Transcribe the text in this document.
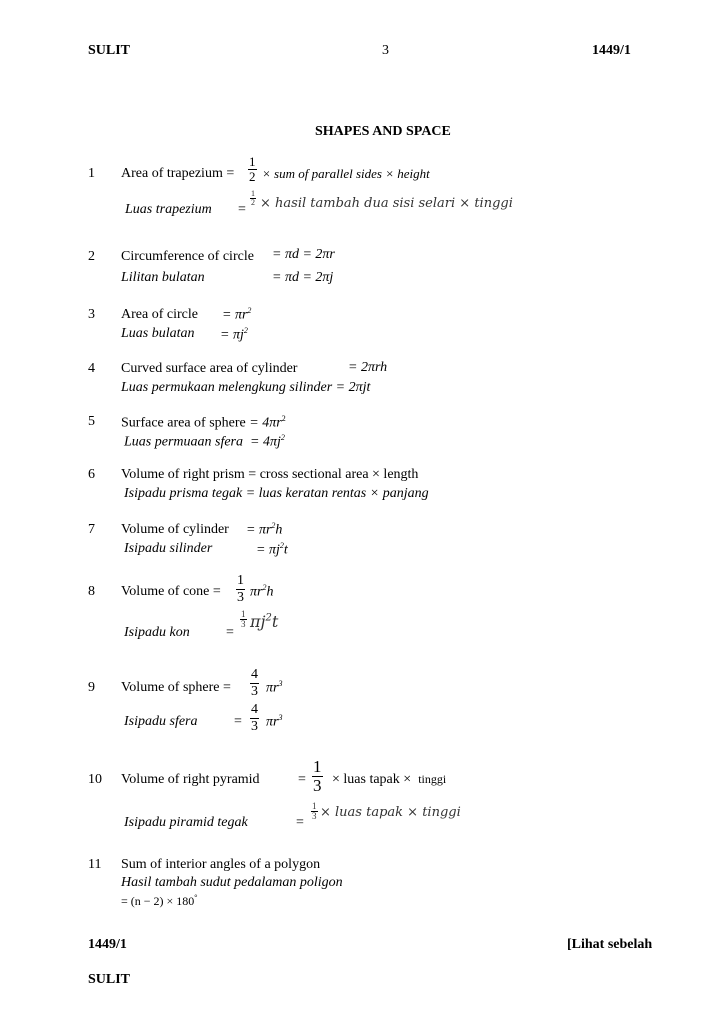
SULIT	3	1449/1
SHAPES AND SPACE
1 Area of trapezium = $\frac{1}{2}$ × sum of parallel sides × height
Luas trapezium =
$\frac{1}{2}$ × hasil tambah dua sisi selari × tinggi
2 Circumference of circle = πd = 2πr
Lilitan bulatan	= πd = 2πj
3 Area of circle = $\pi r^2$
Luas bulatan = $\pi j^2$
4 Curved surface area of cylinder	= 2πrh
Luas permukaan melengkung silinder = 2πjt
5 Surface area of sphere = $4\pi r^2$
Luas permuaan sfera = $4\pi j^2$
6 Volume of right prism = cross sectional area × length
Isipadu prisma tegak = luas keratan rentas × panjang
7 Volume of cylinder = $\pi r^2h$
Isipadu silinder	= $\pi j^2t$
8 Volume of cone = $\frac{1}{3} \pi r^2h$
Isipadu kon	=
$\frac{1}{3} \pi j^2t$
9 Volume of sphere = $\frac{4}{3} \pi r^3$
Isipadu sfera	= $\frac{4}{3} \pi r^3$
10 Volume of right pyramid	= $\frac{1}{3}$ × luas tapak ×  tinggi
Isipadu piramid tegak	=
$\frac{1}{3}$ × luas tapak × tinggi
11 Sum of interior angles of a polygon
Hasil tambah sudut pedalaman poligon
= (n − 2) × 180°
1449/1	[Lihat sebelah
SULIT
